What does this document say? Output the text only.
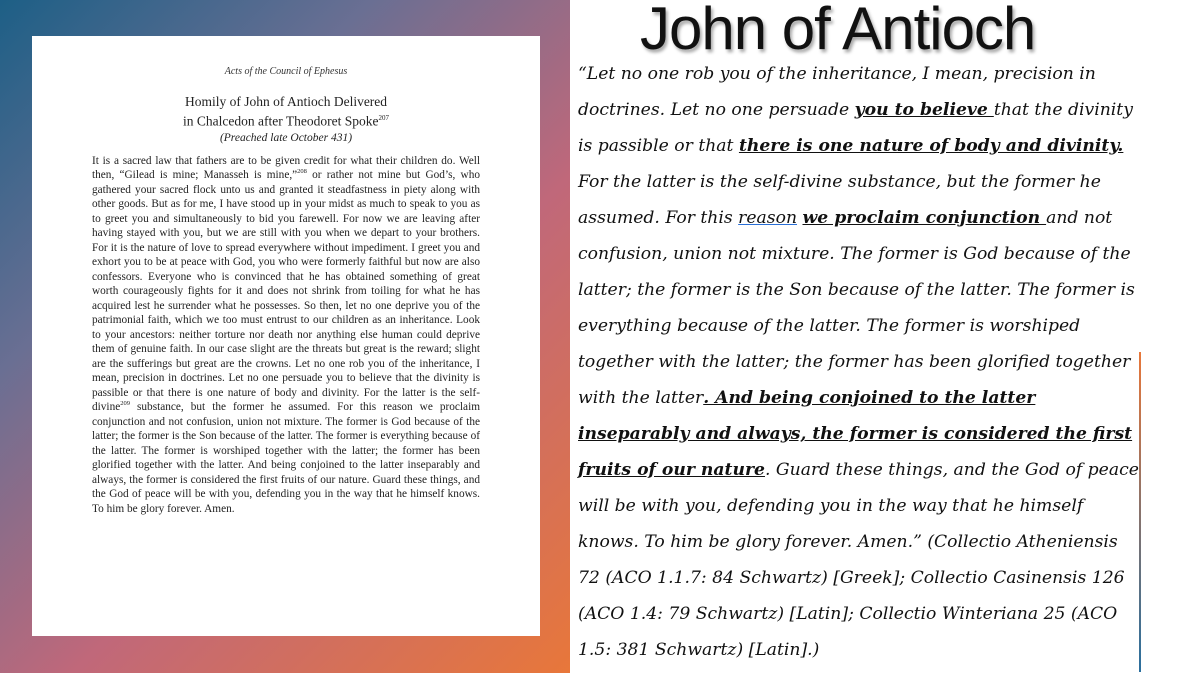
Acts of the Council of Ephesus
Homily of John of Antioch Delivered
in Chalcedon after Theodoret Spoke$^{207}$
(Preached late October 431)

It is a sacred law that fathers are to be given credit for what their children do. Well then, “Gilead is mine; Manasseh is mine,”$^{208}$ or rather not mine but God’s, who gathered your sacred flock unto us and granted it steadfastness in piety along with other goods. But as for me, I have stood up in your midst as much to speak to you as to greet you and simultaneously to bid you farewell. For now we are leaving after having stayed with you, but we are still with you when we depart to your brothers. For it is the nature of love to spread everywhere without impediment. I greet you and exhort you to be at peace with God, you who were formerly faithful but now are also confessors. Everyone who is convinced that he has obtained something of great worth courageously fights for it and does not shrink from toiling for what he has acquired lest he surrender what he possesses. So then, let no one deprive you of the patrimonial faith, which we too must entrust to our children as an inheritance. Look to your ancestors: neither torture nor death nor anything else human could deprive them of genuine faith. In our case slight are the threats but great is the reward; slight are the sufferings but great are the crowns. Let no one rob you of the inheritance, I mean, precision in doctrines. Let no one persuade you to believe that the divinity is passible or that there is one nature of body and divinity. For the latter is the self-divine$^{209}$ substance, but the former he assumed. For this reason we proclaim conjunction and not confusion, union not mixture. The former is God because of the latter; the former is the Son because of the latter. The former is everything because of the latter. The former is worshiped together with the latter; the former has been glorified together with the latter. And being conjoined to the latter inseparably and always, the former is considered the first fruits of our nature. Guard these things, and the God of peace will be with you, defending you in the way that he himself knows. To him be glory forever. Amen.

John of Antioch

“Let no one rob you of the inheritance, I mean, precision in doctrines. Let no one persuade you to believe that the divinity is passible or that there is one nature of body and divinity. For the latter is the self-divine substance, but the former he assumed. For this reason we proclaim conjunction and not confusion, union not mixture. The former is God because of the latter; the former is the Son because of the latter. The former is everything because of the latter. The former is worshiped together with the latter; the former has been glorified together with the latter. And being conjoined to the latter inseparably and always, the former is considered the first fruits of our nature. Guard these things, and the God of peace will be with you, defending you in the way that he himself knows. To him be glory forever. Amen.” (Collectio Atheniensis 72 (ACO 1.1.7: 84 Schwartz) [Greek]; Collectio Casinensis 126 (ACO 1.4: 79 Schwartz) [Latin]; Collectio Winteriana 25 (ACO 1.5: 381 Schwartz) [Latin].)
